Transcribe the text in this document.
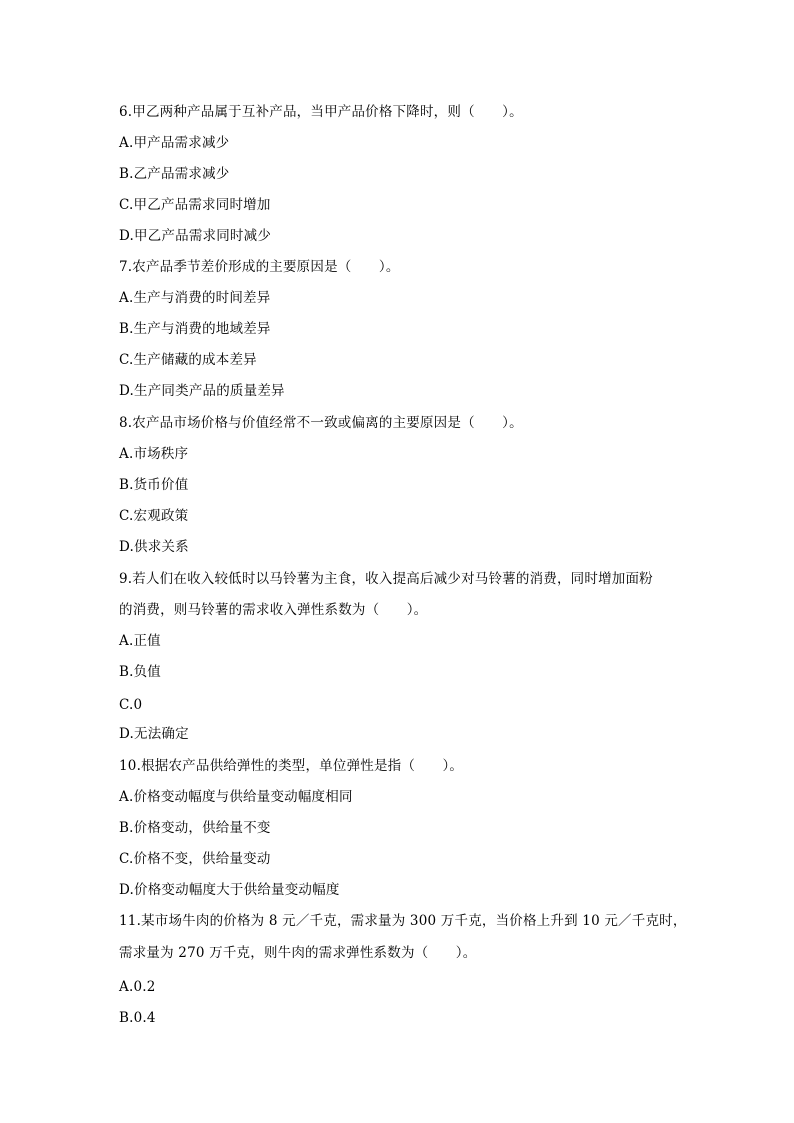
6.甲乙两种产品属于互补产品，当甲产品价格下降时，则（　　）。
A.甲产品需求减少
B.乙产品需求减少
C.甲乙产品需求同时增加
D.甲乙产品需求同时减少
7.农产品季节差价形成的主要原因是（　　）。
A.生产与消费的时间差异
B.生产与消费的地域差异
C.生产储藏的成本差异
D.生产同类产品的质量差异
8.农产品市场价格与价值经常不一致或偏离的主要原因是（　　）。
A.市场秩序
B.货币价值
C.宏观政策
D.供求关系
9.若人们在收入较低时以马铃薯为主食，收入提高后减少对马铃薯的消费，同时增加面粉
的消费，则马铃薯的需求收入弹性系数为（　　）。
A.正值
B.负值
C.0
D.无法确定
10.根据农产品供给弹性的类型，单位弹性是指（　　）。
A.价格变动幅度与供给量变动幅度相同
B.价格变动，供给量不变
C.价格不变，供给量变动
D.价格变动幅度大于供给量变动幅度
11.某市场牛肉的价格为 8 元／千克，需求量为 300 万千克，当价格上升到 10 元／千克时，
需求量为 270 万千克，则牛肉的需求弹性系数为（　　）。
A.0.2
B.0.4
